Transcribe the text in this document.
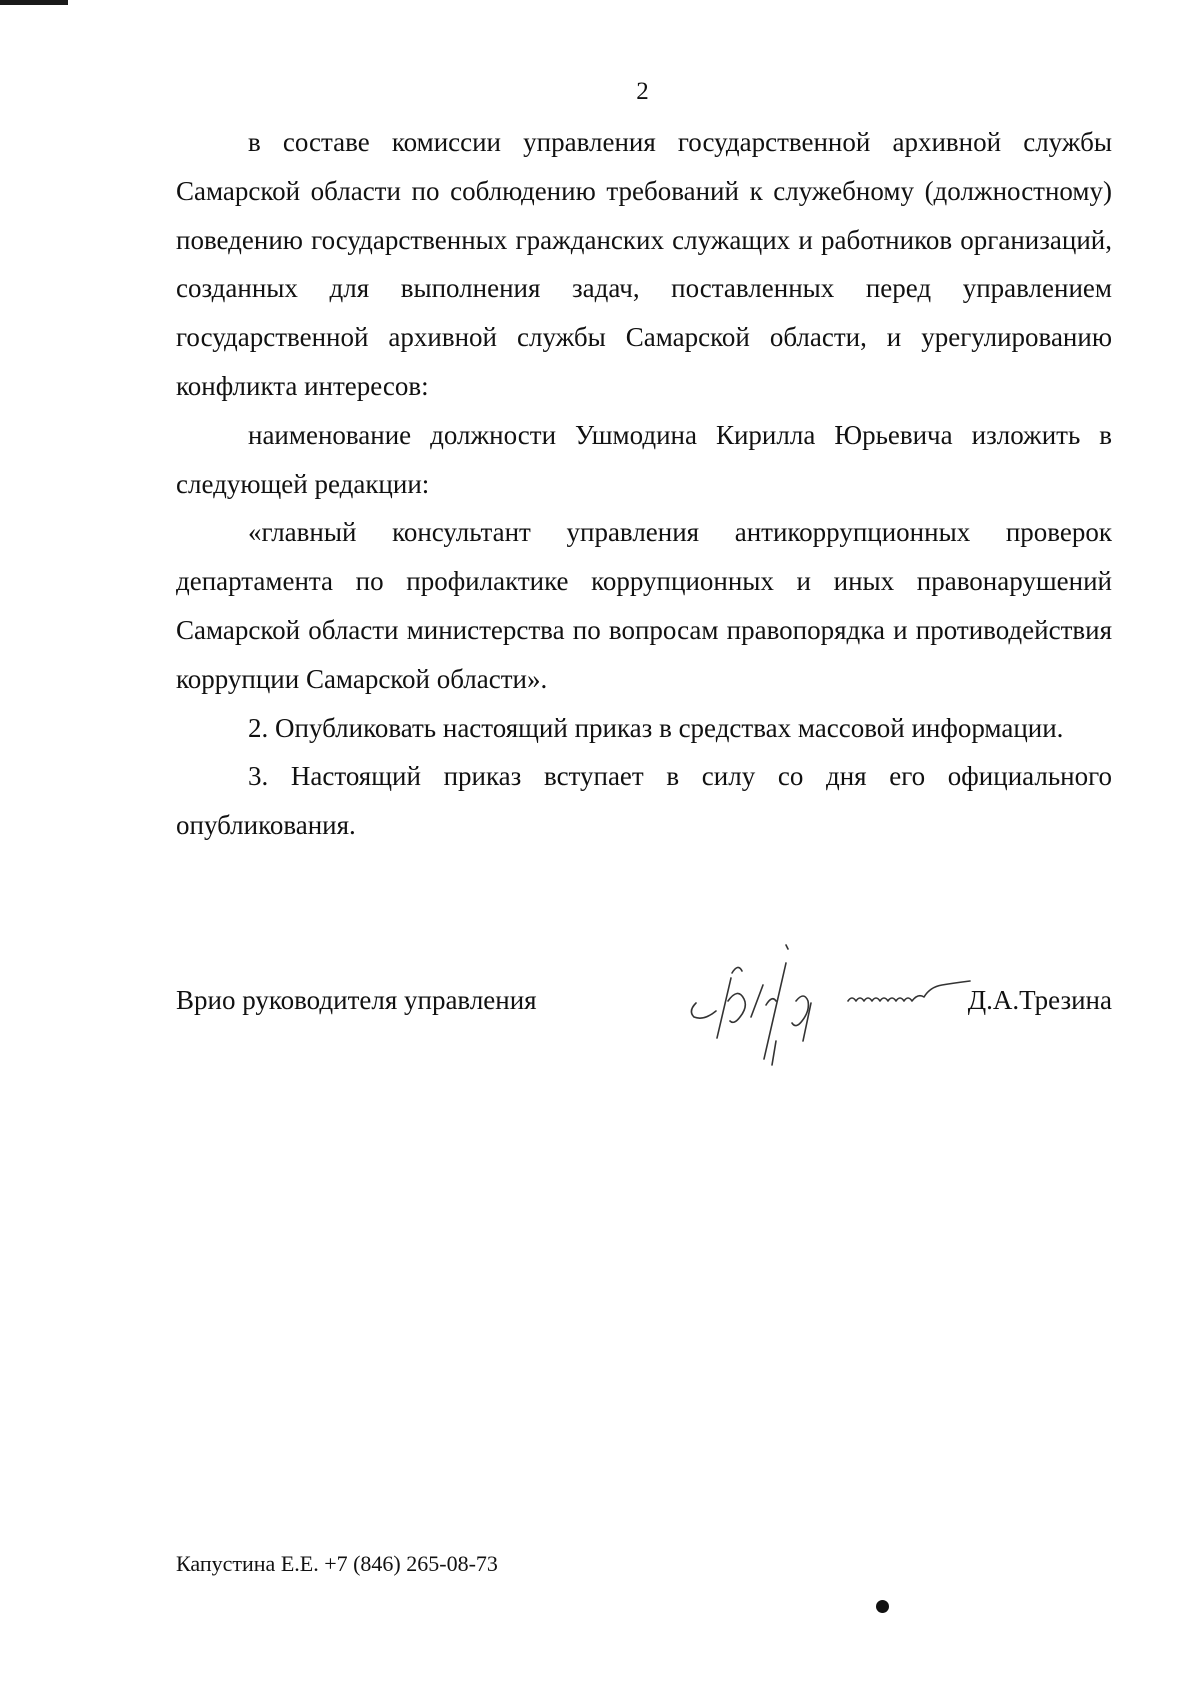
2

в составе комиссии управления государственной архивной службы Самарской области по соблюдению требований к служебному (должностному) поведению государственных гражданских служащих и работников организаций, созданных для выполнения задач, поставленных перед управлением государственной архивной службы Самарской области, и урегулированию конфликта интересов:

наименование должности Ушмодина Кирилла Юрьевича изложить в следующей редакции:

«главный консультант управления антикоррупционных проверок департамента по профилактике коррупционных и иных правонарушений Самарской области министерства по вопросам правопорядка и противодействия коррупции Самарской области».

2. Опубликовать настоящий приказ в средствах массовой информации.

3. Настоящий приказ вступает в силу со дня его официального опубликования.

Врио руководителя управления	Д.А.Трезина
Капустина Е.Е. +7 (846) 265-08-73
